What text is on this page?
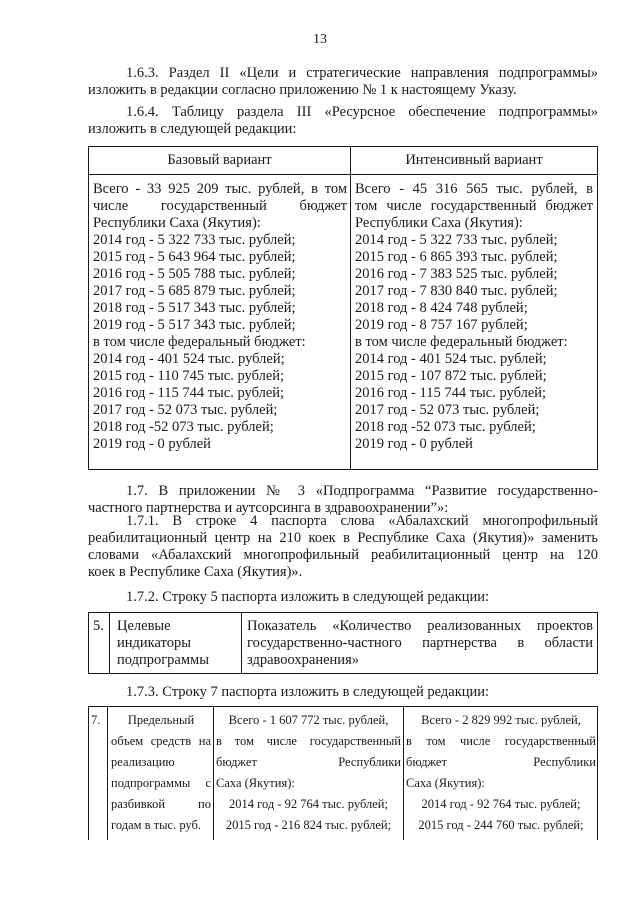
13
1.6.3. Раздел II «Цели и стратегические направления подпрограммы»
изложить в редакции согласно приложению № 1 к настоящему Указу.
1.6.4. Таблицу раздела III «Ресурсное обеспечение подпрограммы»
изложить в следующей редакции:
Базовый вариант	Интенсивный вариант
Всего - 33 925 209 тыс. рублей, в том
числе государственный бюджет
Республики Саха (Якутия):
2014 год - 5 322 733 тыс. рублей;
2015 год - 5 643 964 тыс. рублей;
2016 год - 5 505 788 тыс. рублей;
2017 год - 5 685 879 тыс. рублей;
2018 год - 5 517 343 тыс. рублей;
2019 год - 5 517 343 тыс. рублей;
в том числе федеральный бюджет:
2014 год - 401 524 тыс. рублей;
2015 год - 110 745 тыс. рублей;
2016 год - 115 744 тыс. рублей;
2017 год - 52 073 тыс. рублей;
2018 год -52 073 тыс. рублей;
2019 год - 0 рублей
Всего - 45 316 565 тыс. рублей, в
том числе государственный бюджет
Республики Саха (Якутия):
2014 год - 5 322 733 тыс. рублей;
2015 год - 6 865 393 тыс. рублей;
2016 год - 7 383 525 тыс. рублей;
2017 год - 7 830 840 тыс. рублей;
2018 год - 8 424 748 рублей;
2019 год - 8 757 167 рублей;
в том числе федеральный бюджет:
2014 год - 401 524 тыс. рублей;
2015 год - 107 872 тыс. рублей;
2016 год - 115 744 тыс. рублей;
2017 год - 52 073 тыс. рублей;
2018 год -52 073 тыс. рублей;
2019 год - 0 рублей
1.7. В приложении № 3 «Подпрограмма “Развитие государственно-
частного партнерства и аутсорсинга в здравоохранении”»:
1.7.1. В строке 4 паспорта слова «Абалахский многопрофильный
реабилитационный центр на 210 коек в Республике Саха (Якутия)» заменить
словами «Абалахский многопрофильный реабилитационный центр на 120
коек в Республике Саха (Якутия)».
1.7.2. Строку 5 паспорта изложить в следующей редакции:
5. Целевые
индикаторы
подпрограммы
Показатель «Количество реализованных проектов
государственно-частного партнерства в области
здравоохранения»
1.7.3. Строку 7 паспорта изложить в следующей редакции:
7.	Предельный
объем средств на
реализацию
подпрограммы с
разбивкой по
годам в тыс. руб.
Всего - 1 607 772 тыс. рублей,
в том числе государственный
бюджет Республики
Саха (Якутия):
2014 год - 92 764 тыс. рублей;
2015 год - 216 824 тыс. рублей;
Всего - 2 829 992 тыс. рублей,
в том числе государственный
бюджет Республики
Саха (Якутия):
2014 год - 92 764 тыс. рублей;
2015 год - 244 760 тыс. рублей;
